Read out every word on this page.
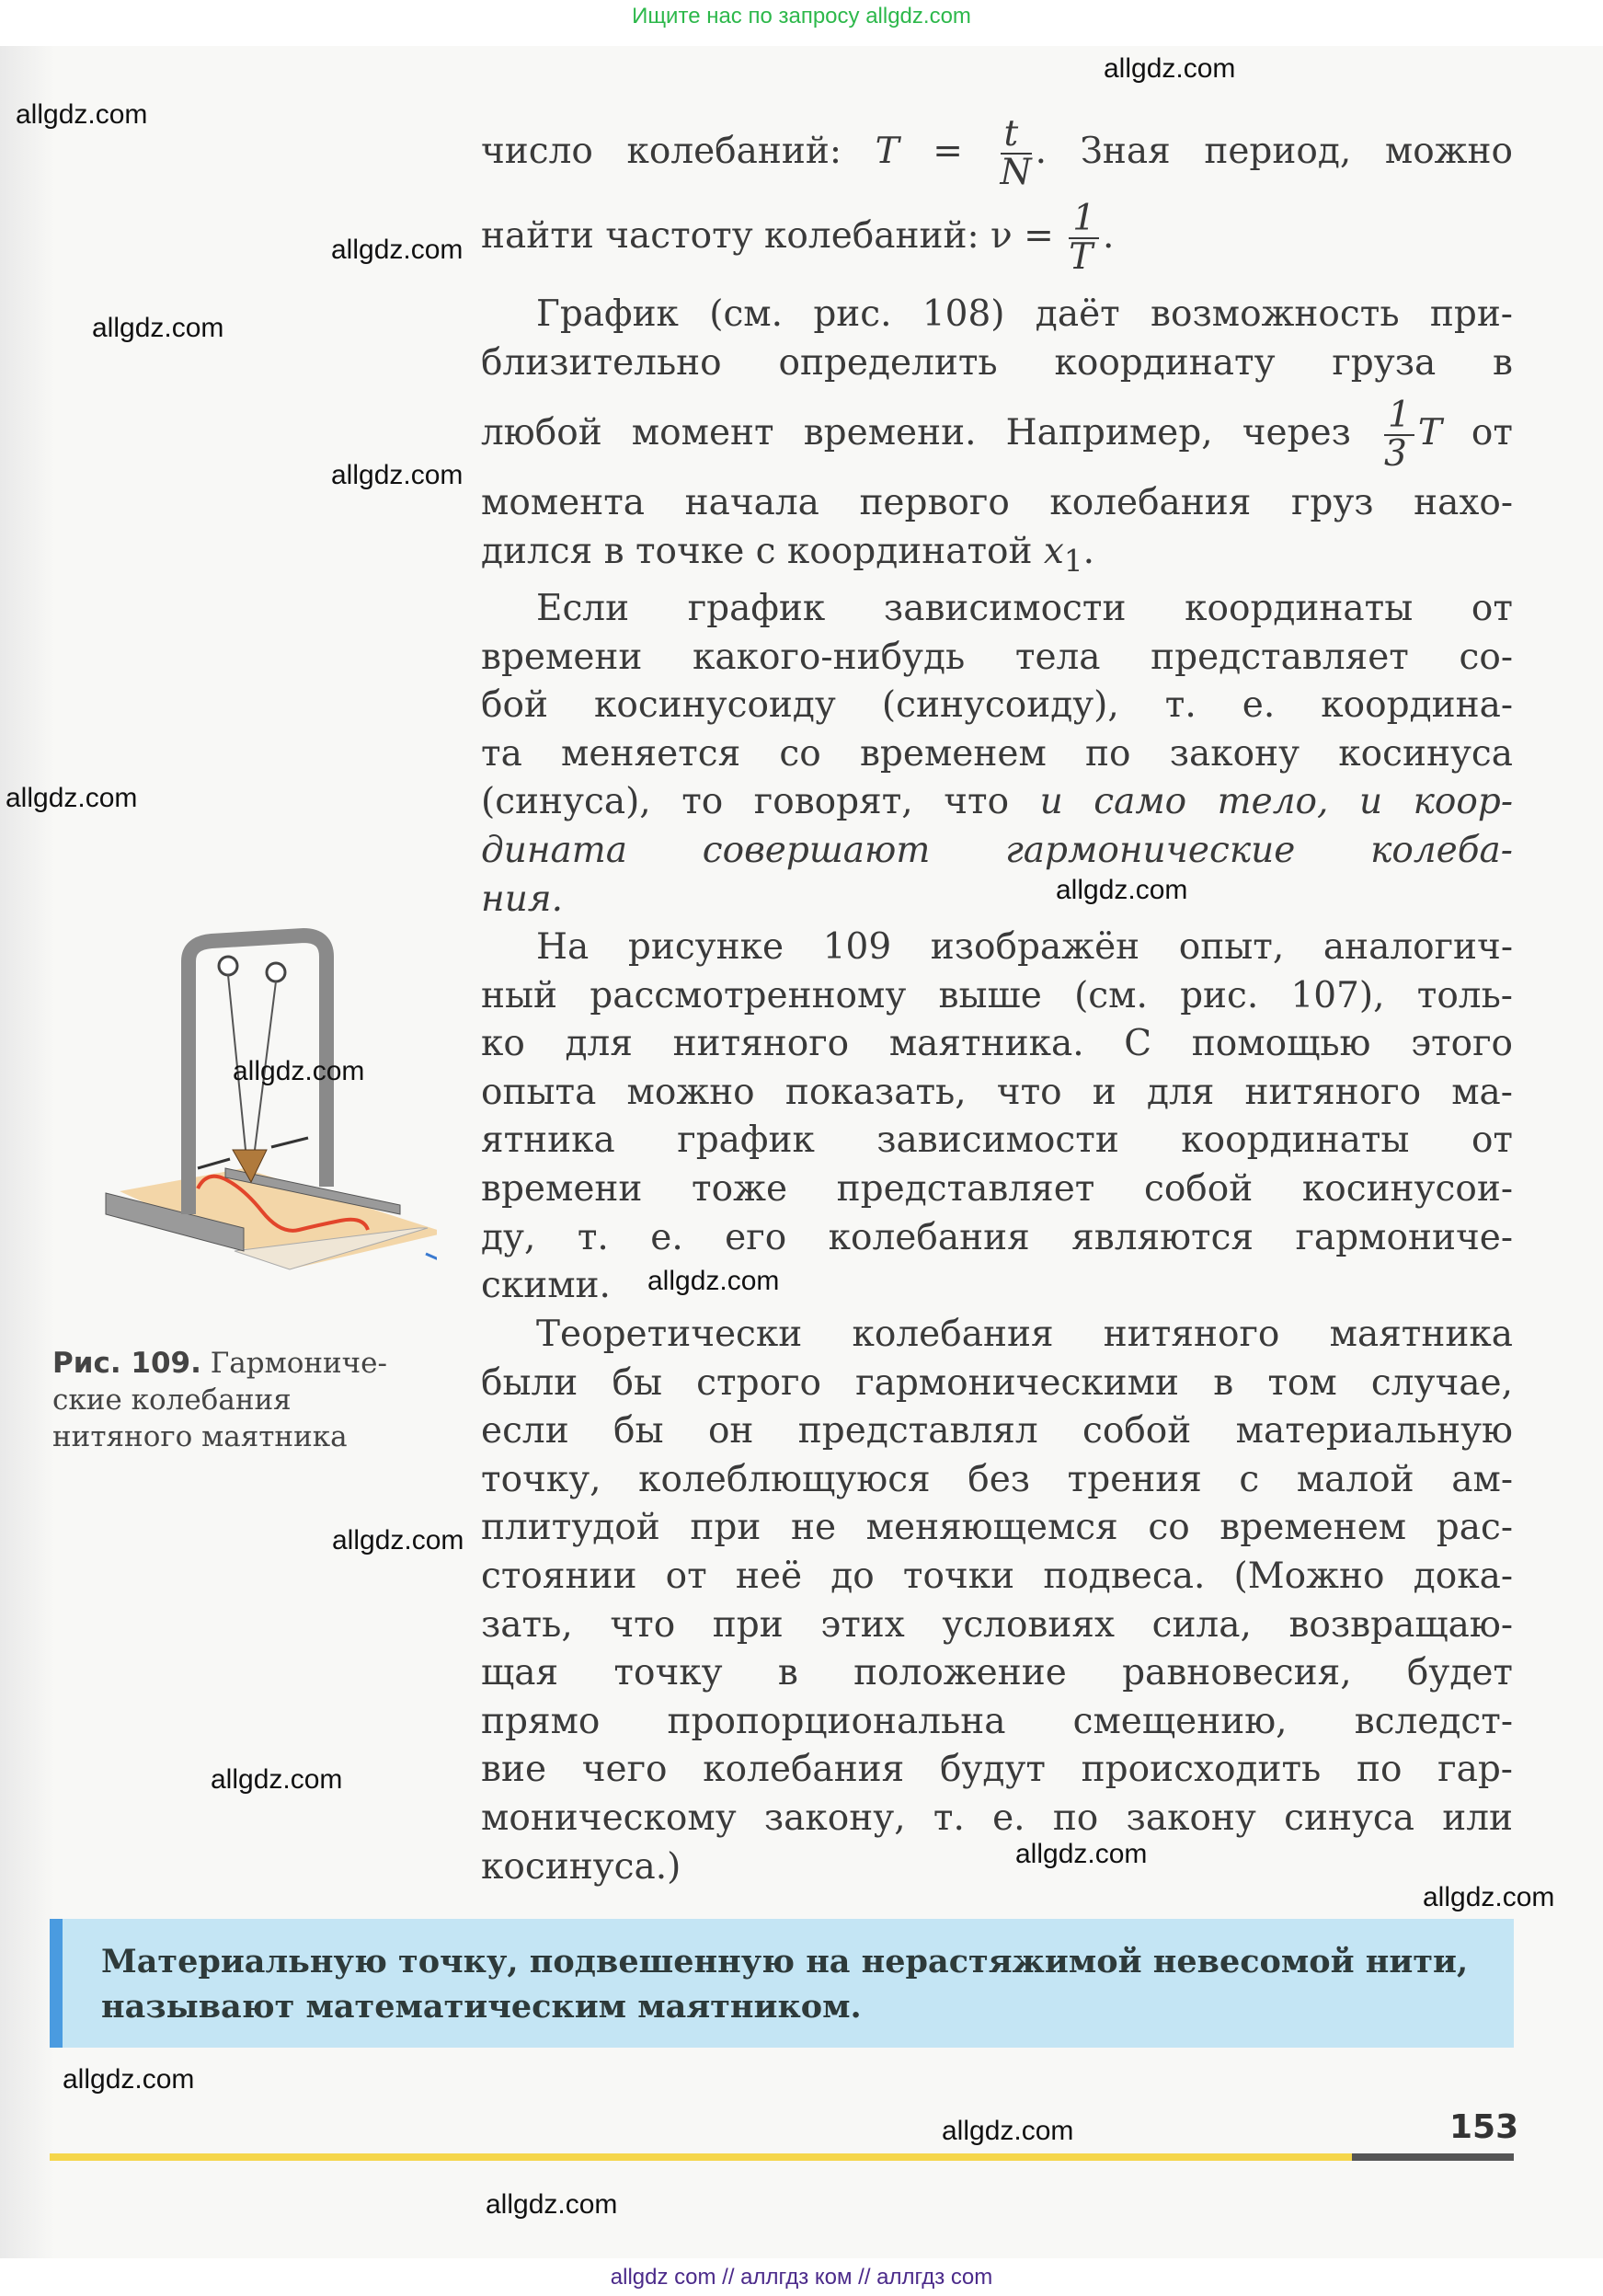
Ищите нас по запросу allgdz.com
число колебаний: $T = \frac{t}{N}$ . Зная период, можно
найти частоту колебаний: $\nu = \frac{1}{T}$ .
График (см. рис. 108) даёт возможность при-
близительно определить координату груза в
любой момент времени. Например, через $\frac{1}{3}$ T от
момента начала первого колебания груз нахо-
дился в точке с координатой $x_1$.
Если график зависимости координаты от
времени какого-нибудь тела представляет со-
бой косинусоиду (синусоиду), т. е. координа-
та меняется со временем по закону косинуса
(синуса), то говорят, что и само тело, и коор-
дината совершают гармонические колеба-
ния.
На рисунке 109 изображён опыт, аналогич-
ный рассмотренному выше (см. рис. 107), толь-
ко для нитяного маятника. С помощью этого
опыта можно показать, что и для нитяного ма-
ятника график зависимости координаты от
времени тоже представляет собой косинусои-
ду, т. е. его колебания являются гармониче-
скими.
Теоретически колебания нитяного маятника
были бы строго гармоническими в том случае,
если бы он представлял собой материальную
точку, колеблющуюся без трения с малой ам-
плитудой при не меняющемся со временем рас-
стоянии от неё до точки подвеса. (Можно дока-
зать, что при этих условиях сила, возвращаю-
щая точку в положение равновесия, будет
прямо пропорциональна смещению, вследст-
вие чего колебания будут происходить по гар-
моническому закону, т. е. по закону синуса или
косинуса.)
Рис. 109. Гармониче-
ские колебания
нитяного маятника
Материальную точку, подвешенную на нерастяжимой невесомой нити,
называют математическим маятником.
153
allgdz.com
allgdz.com
allgdz.com
allgdz.com
allgdz.com
allgdz.com
allgdz.com
allgdz.com
allgdz.com
allgdz.com
allgdz.com
allgdz.com
allgdz.com
allgdz.com
allgdz.com
allgdz.com
allgdz com // аллгдз ком // аллгдз com
